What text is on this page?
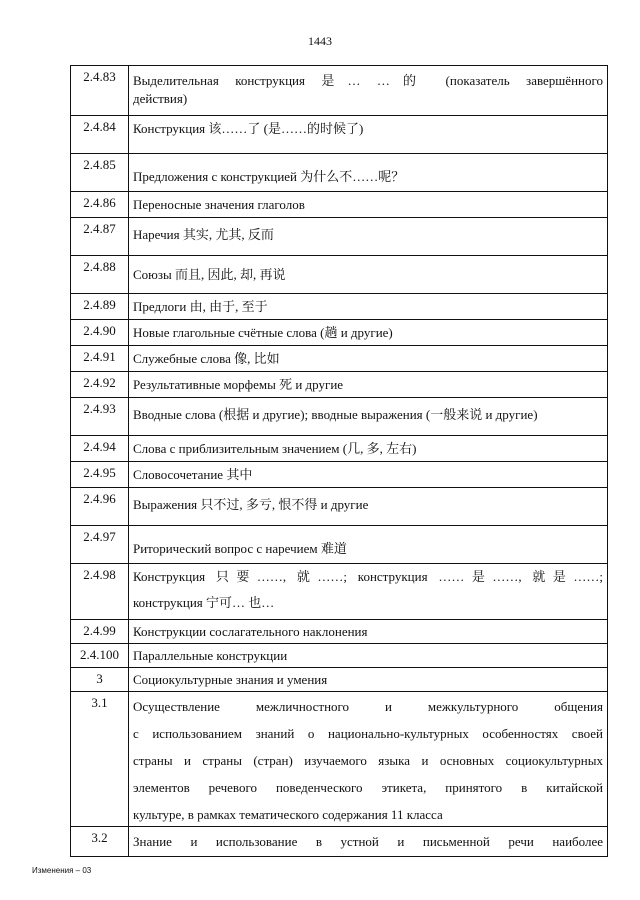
1443
2.4.83	Выделительная конструкция 是… …的 (показатель завершённого
действия)

2.4.84	Конструкция 该……了 (是……的时候了)

2.4.85	Предложения с конструкцией 为什么不……呢？

2.4.86	Переносные значения глаголов

2.4.87	Наречия 其实, 尤其, 反而

2.4.88	Союзы 而且, 因此, 却, 再说

2.4.89	Предлоги 由, 由于, 至于

2.4.90	Новые глагольные счётные слова (趟 и другие)

2.4.91	Служебные слова 像, 比如

2.4.92	Результативные морфемы 死 и другие

2.4.93	Вводные слова (根据 и другие); вводные выражения (一般来说 и другие)

2.4.94	Слова с приблизительным значением (几, 多, 左右)

2.4.95	Словосочетание 其中

2.4.96	Выражения 只不过, 多亏, 恨不得 и другие

2.4.97	Риторический вопрос с наречием 难道

2.4.98	Конструкция 只要……, 就……; конструкция ……是……, 就是……;
конструкция 宁可… 也…

2.4.99	Конструкции сослагательного наклонения

2.4.100	Параллельные конструкции

3	Социокультурные знания и умения

3.1	Осуществление межличностного и межкультурного общения
с использованием знаний о национально-культурных особенностях своей
страны и страны (стран) изучаемого языка и основных социокультурных
элементов речевого поведенческого этикета, принятого в китайской
культуре, в рамках тематического содержания 11 класса

3.2	Знание и использование в устной и письменной речи наиболее
Изменения – 03
